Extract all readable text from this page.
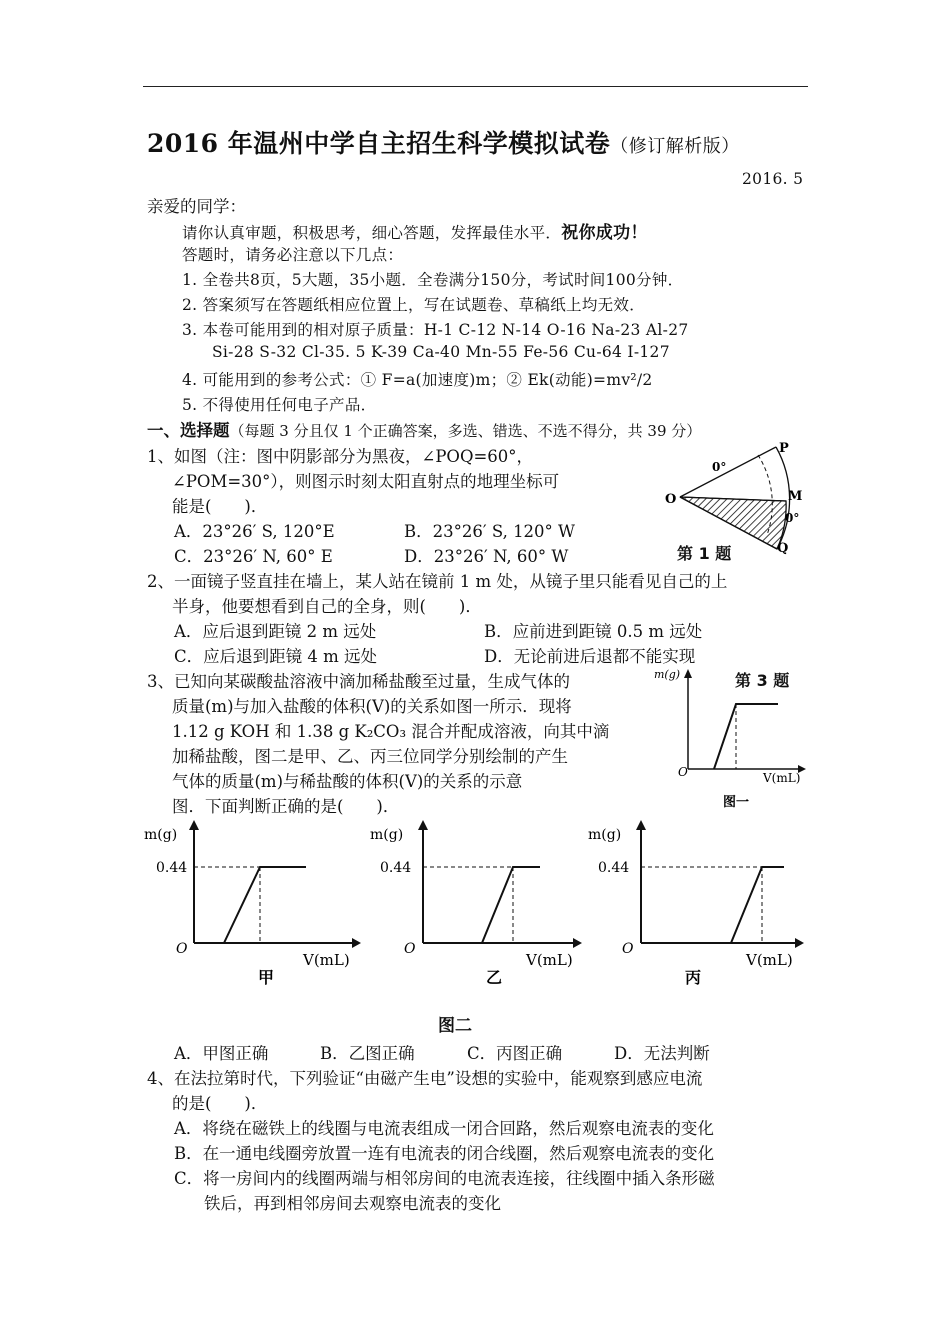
2016 年温州中学自主招生科学模拟试卷（修订解析版）
2016. 5
亲爱的同学：
请你认真审题，积极思考，细心答题，发挥最佳水平．祝你成功！
答题时，请务必注意以下几点：
1. 全卷共8页，5大题，35小题．全卷满分150分，考试时间100分钟．
2. 答案须写在答题纸相应位置上，写在试题卷、草稿纸上均无效．
3. 本卷可能用到的相对原子质量：H-1 C-12 N-14 O-16 Na-23 Al-27
Si-28 S-32 Cl-35. 5 K-39 Ca-40 Mn-55 Fe-56 Cu-64 I-127
4. 可能用到的参考公式：① F=a(加速度)m；② Ek(动能)=mv²/2
5. 不得使用任何电子产品．
一、选择题（每题 3 分且仅 1 个正确答案，多选、错选、不选不得分，共 39 分）
1、如图（注：图中阴影部分为黑夜，∠POQ=60°，
∠POM=30°），则图示时刻太阳直射点的地理坐标可
能是(　　)．
A．23°26′ S, 120°E	B．23°26′ S, 120° W
C．23°26′ N, 60° E	D．23°26′ N, 60° W
P
O	M
Q
0°
0°
第 1 题
2、一面镜子竖直挂在墙上，某人站在镜前 1 m 处，从镜子里只能看见自己的上
半身，他要想看到自己的全身，则(　　)．
A．应后退到距镜 2 m 远处	B．应前进到距镜 0.5 m 远处
C．应后退到距镜 4 m 远处	D．无论前进后退都不能实现
3、已知向某碳酸盐溶液中滴加稀盐酸至过量，生成气体的
质量(m)与加入盐酸的体积(V)的关系如图一所示．现将
1.12 g KOH 和 1.38 g K₂CO₃ 混合并配成溶液，向其中滴
加稀盐酸，图二是甲、乙、丙三位同学分别绘制的产生
气体的质量(m)与稀盐酸的体积(V)的关系的示意
图．下面判断正确的是(　　)．
m(g)
O	V(mL)
图一
第 3 题
m(g)
0.44
O
V(mL)
甲
m(g)
0.44
O
V(mL)
乙
m(g)
0.44
O
V(mL)
丙
图二
A．甲图正确	B．乙图正确	C．丙图正确	D．无法判断
4、在法拉第时代，下列验证“由磁产生电”设想的实验中，能观察到感应电流
的是(　　)．
A．将绕在磁铁上的线圈与电流表组成一闭合回路，然后观察电流表的变化
B．在一通电线圈旁放置一连有电流表的闭合线圈，然后观察电流表的变化
C．将一房间内的线圈两端与相邻房间的电流表连接，往线圈中插入条形磁
铁后，再到相邻房间去观察电流表的变化
